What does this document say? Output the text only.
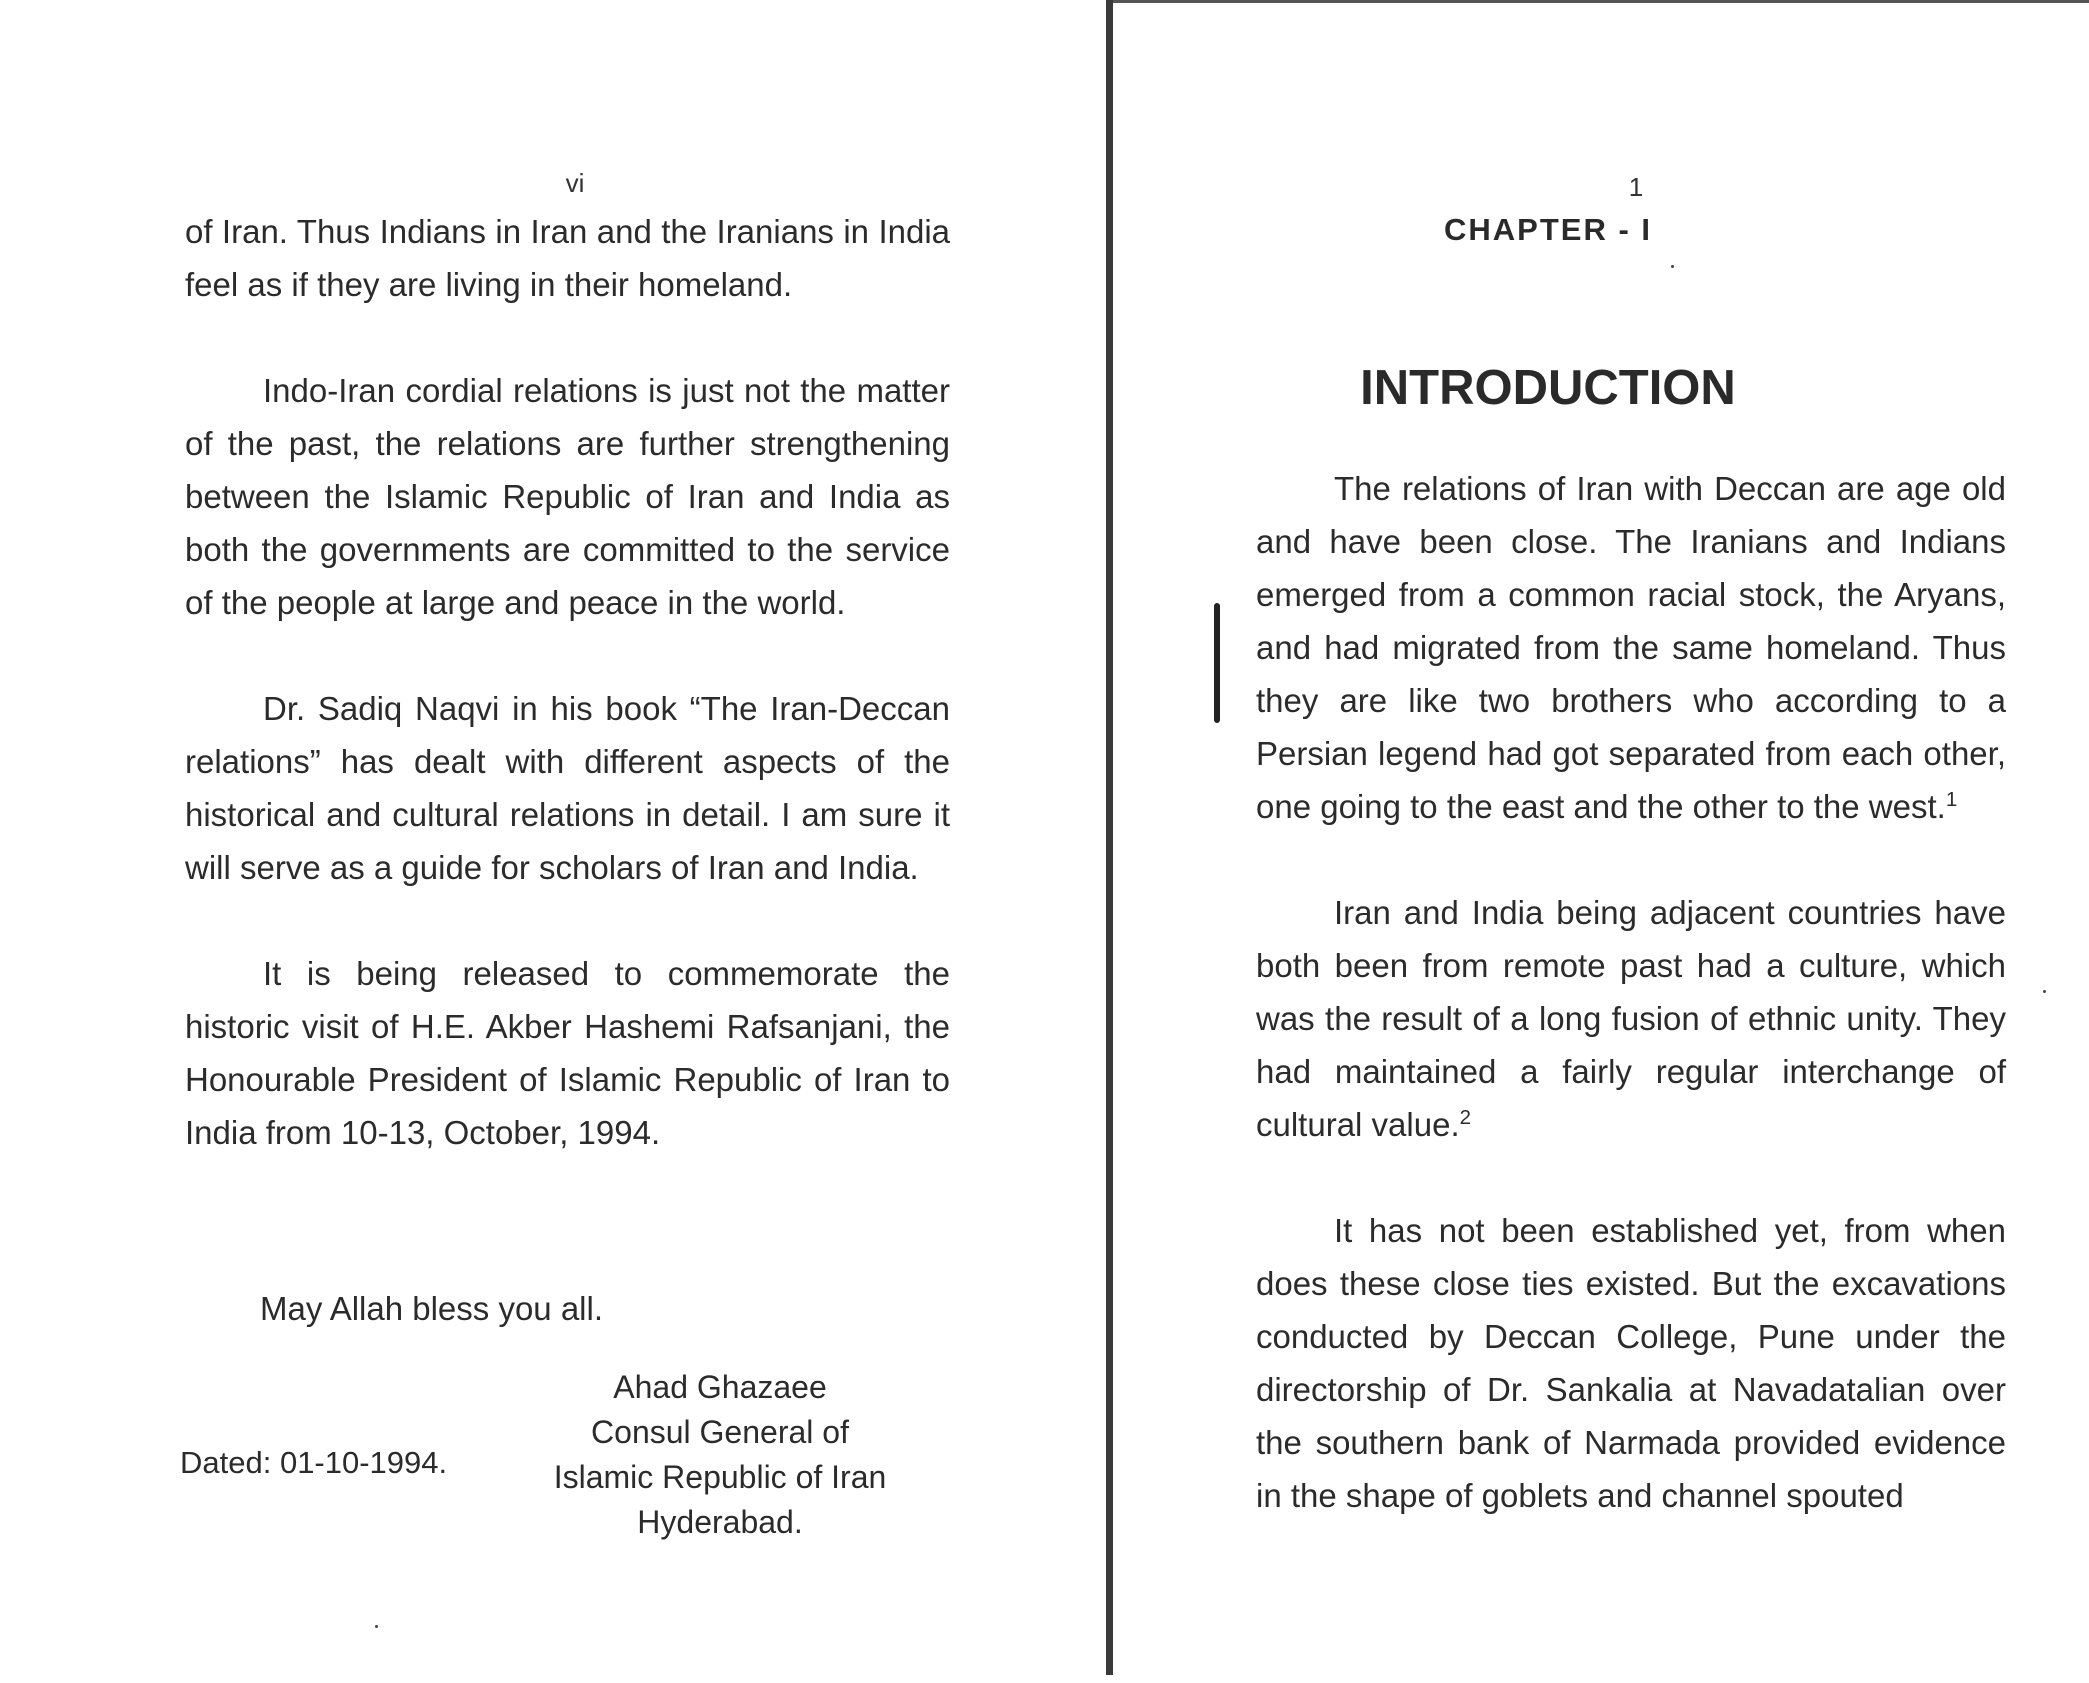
vi

of Iran. Thus Indians in Iran and the Iranians in India feel as if they are living in their homeland.

Indo-Iran cordial relations is just not the matter of the past, the relations are further strengthening between the Islamic Republic of Iran and India as both the governments are committed to the service of the people at large and peace in the world.

Dr. Sadiq Naqvi in his book “The Iran-Deccan relations” has dealt with different aspects of the historical and cultural relations in detail. I am sure it will serve as a guide for scholars of Iran and India.

It is being released to commemorate the historic visit of H.E. Akber Hashemi Rafsanjani, the Honourable President of Islamic Republic of Iran to India from 10-13, October, 1994.

May Allah bless you all.
Dated: 01-10-1994.
Ahad Ghazaee
Consul General of
Islamic Republic of Iran
Hyderabad.
1
CHAPTER - I
INTRODUCTION

The relations of Iran with Deccan are age old and have been close. The Iranians and Indians emerged from a common racial stock, the Aryans, and had migrated from the same homeland. Thus they are like two brothers who according to a Persian legend had got separated from each other, one going to the east and the other to the west.$^1$

Iran and India being adjacent countries have both been from remote past had a culture, which was the result of a long fusion of ethnic unity. They had maintained a fairly regular interchange of cultural value.$^2$

It has not been established yet, from when does these close ties existed. But the excavations conducted by Deccan College, Pune under the directorship of Dr. Sankalia at Navadatalian over the southern bank of Narmada provided evidence in the shape of goblets and channel spouted
